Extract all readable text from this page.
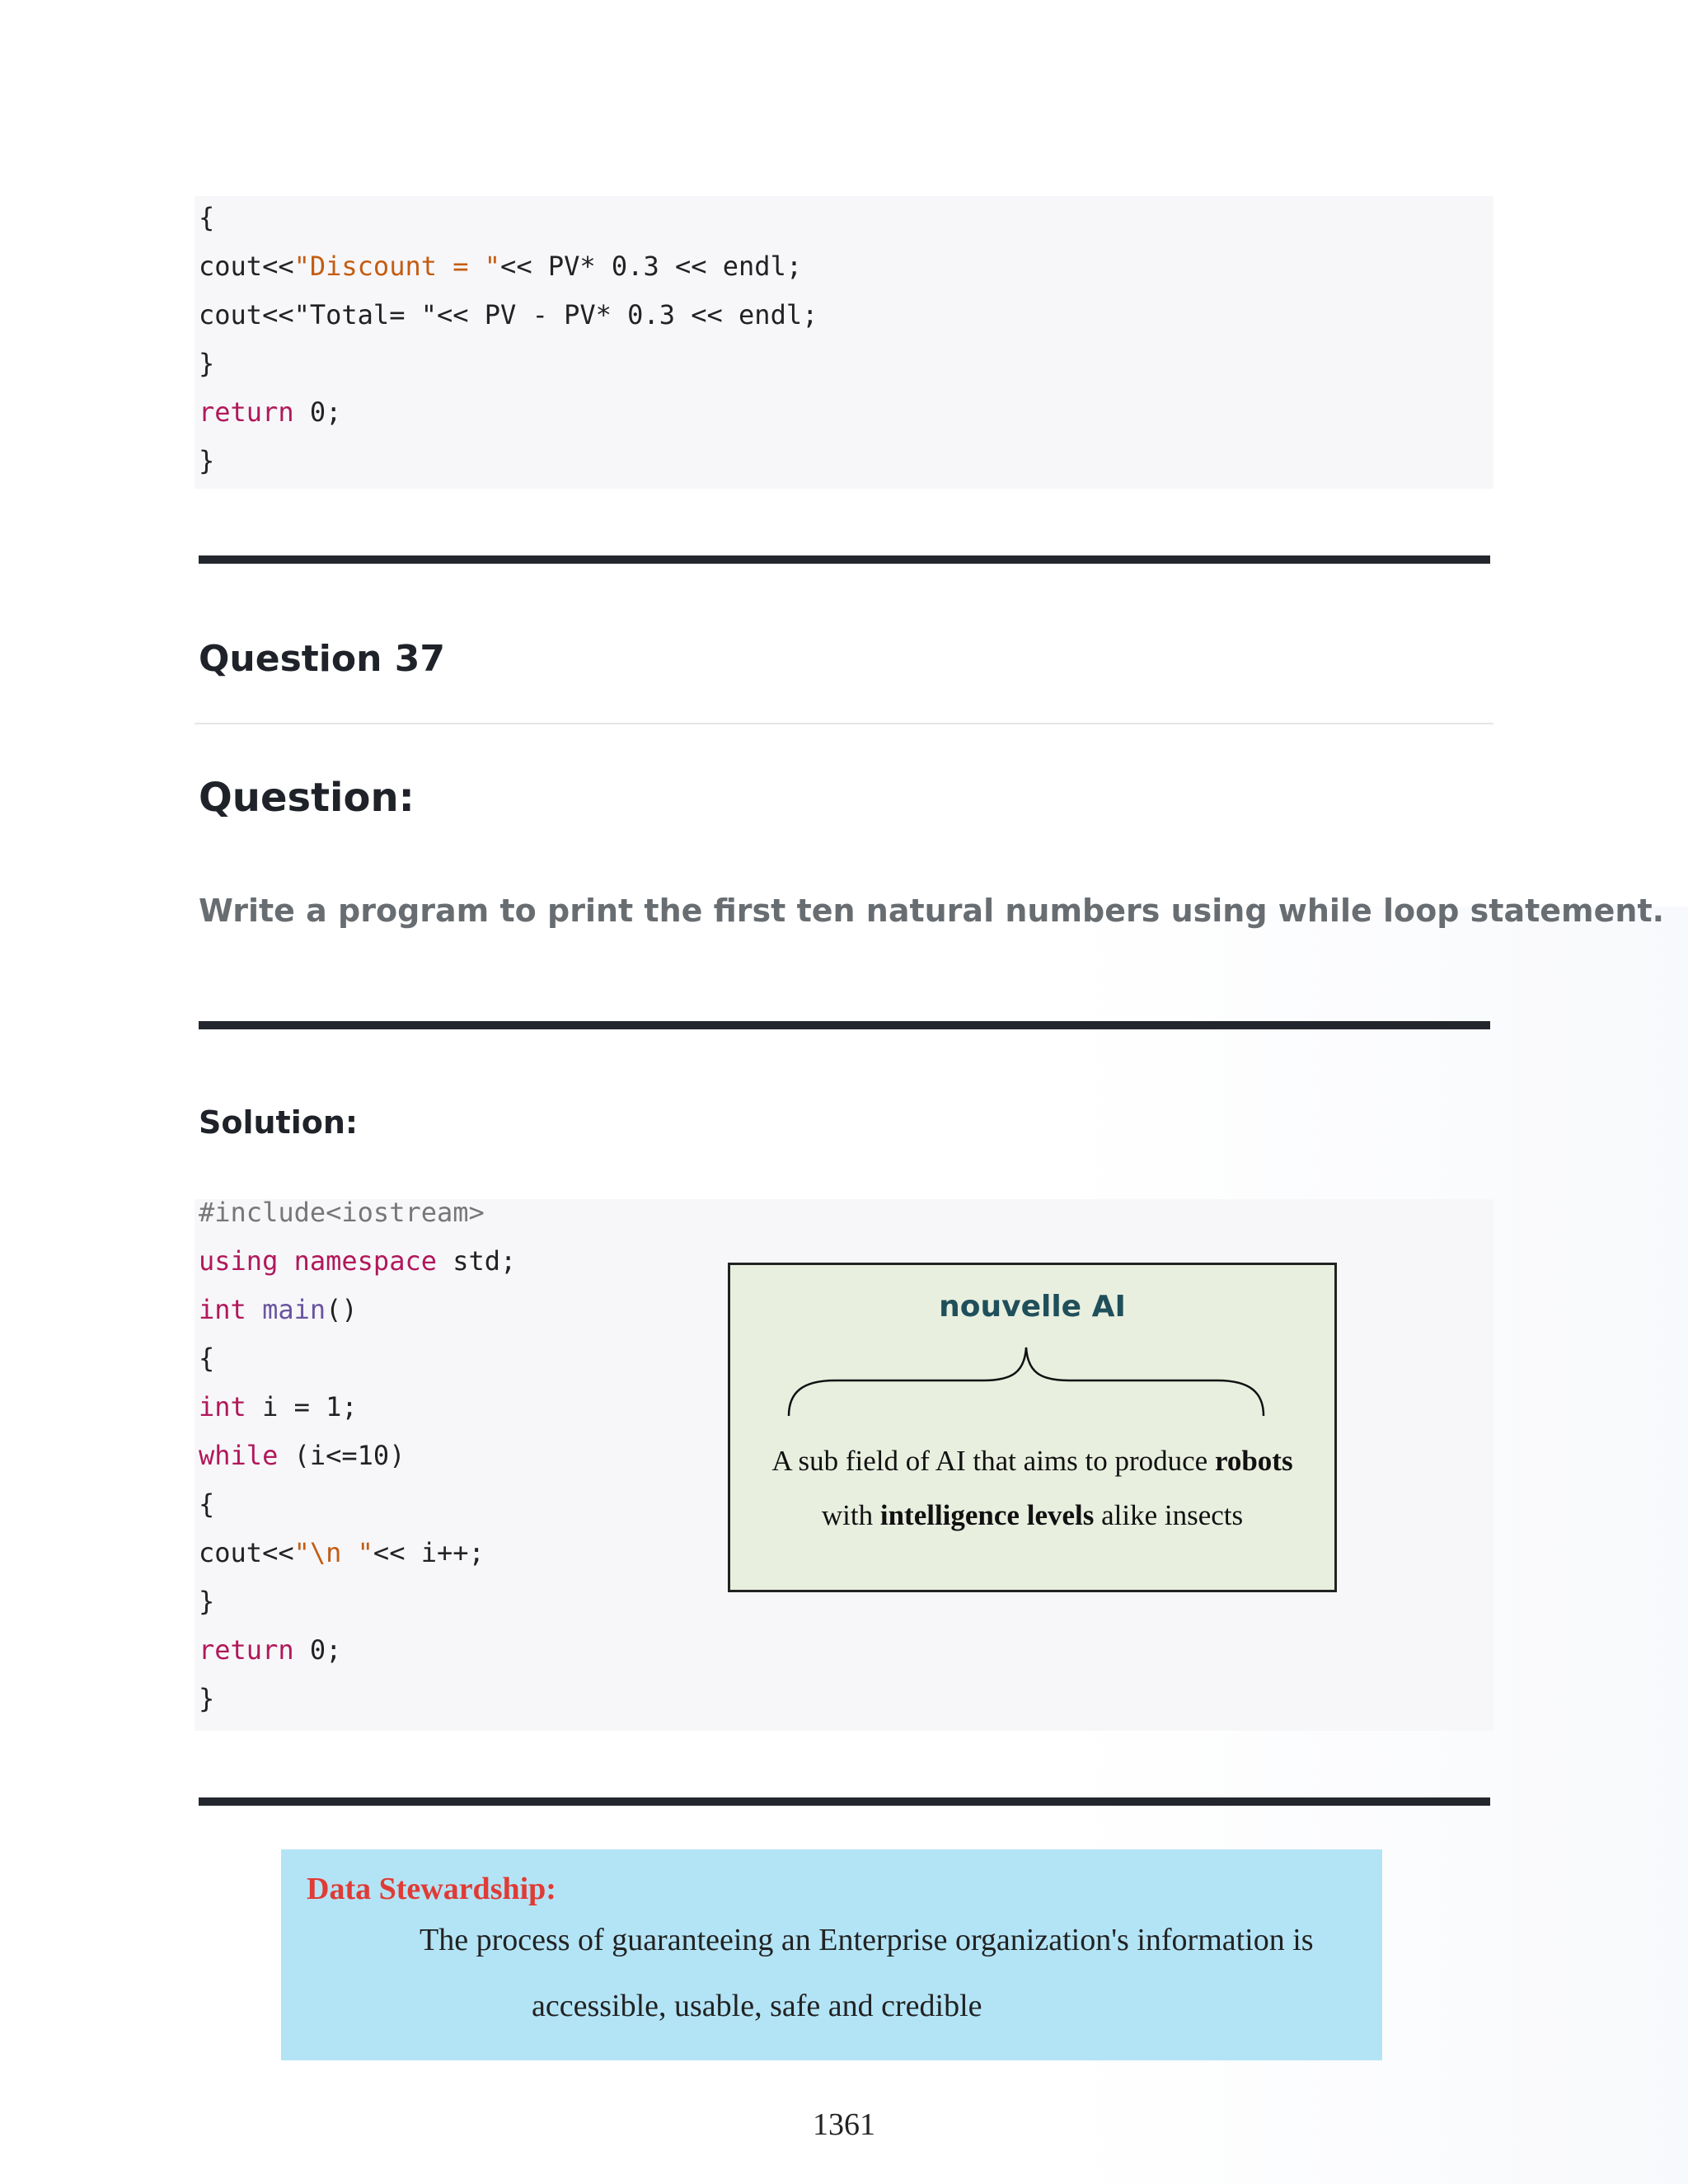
{
cout<<"Discount = "<< PV* 0.3 << endl;
cout<<"Total= "<< PV - PV* 0.3 << endl;
}
return 0;
}
Question 37
Question:
Write a program to print the first ten natural numbers using while loop statement.
Solution:
#include<iostream>
using namespace std;
int main()
{
int i = 1;
while (i<=10)
{
cout<<"\n "<< i++;
}
return 0;
}
nouvelle AI
A sub field of AI that aims to produce robots
with intelligence levels alike insects
Data Stewardship:
The process of guaranteeing an Enterprise organization's information is
accessible, usable, safe and credible
1361
